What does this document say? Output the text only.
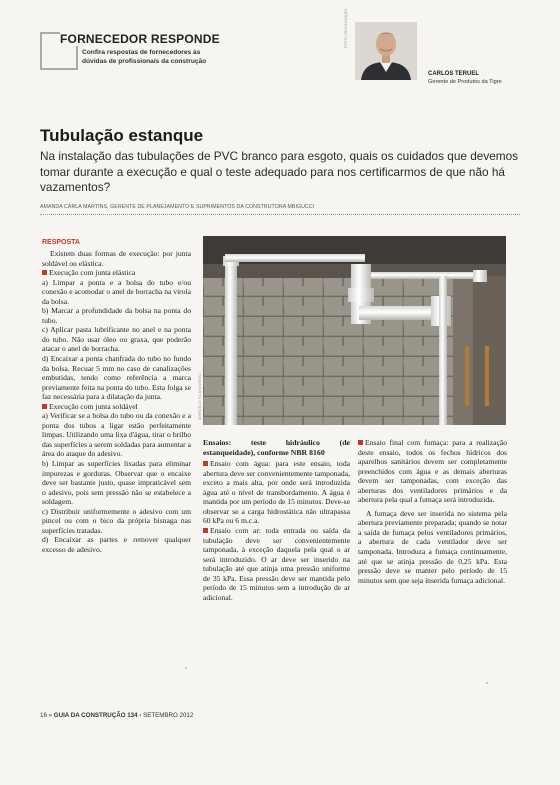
FORNECEDOR RESPONDE
Confira respostas de fornecedores às dúvidas de profissionais da construção
FOTO: DIVULGAÇÃO
CARLOS TERUEL
Gerente de Produtos da Tigre
Tubulação estanque
Na instalação das tubulações de PVC branco para esgoto, quais os cuidados que devemos tomar durante a execução e qual o teste adequado para nos certificarmos de que não há vazamentos?
AMANDA CARLA MARTINS, GERENTE DE PLANEJAMENTO E SUPRIMENTOS DA CONSTRUTORA MBIGUCCI
RESPOSTA

Existem duas formas de execução: por junta soldável ou elástica.

Execução com junta elástica

a) Limpar a ponta e a bolsa do tubo e/ou conexão e acomodar o anel de borracha na virola da bolsa.

b) Marcar a profundidade da bolsa na ponta do tubo.

c) Aplicar pasta lubrificante no anel e na ponta do tubo. Não usar óleo ou graxa, que poderão atacar o anel de borracha.

d) Encaixar a ponta chanfrada do tubo no fundo da bolsa. Recuar 5 mm no caso de canalizações embutidas, tendo como referência a marca previamente feita na ponta do tubo. Esta folga se faz necessária para a dilatação da junta.

Execução com junta soldável

a) Verificar se a bolsa do tubo ou da conexão e a ponta dos tubos a ligar estão perfeitamente limpas. Utilizando uma lixa d'água, tirar o brilho das superfícies a serem soldadas para aumentar a área do ataque do adesivo.

b) Limpar as superfícies lixadas para eliminar impurezas e gorduras. Observar que o encaixe deve ser bastante justo, quase impraticável sem o adesivo, pois sem pressão não se estabelece a soldagem.

c) Distribuir uniformemente o adesivo com um pincel ou com o bico da própria bisnaga nas superfícies tratadas.

d) Encaixar as partes e remover qualquer excesso de adesivo.

MARCELO SCANDAROLI
Ensaios: teste hidráulico (de estanqueidade), conforme NBR 8160

Ensaio com água: para este ensaio, toda abertura deve ser convenientemente tamponada, exceto a mais alta, por onde será introduzida água até o nível de transbordamento. A água é mantida por um período de 15 minutos. Deve-se observar se a carga hidrostática não ultrapassa 60 kPa ou 6 m.c.a.

Ensaio com ar: toda entrada ou saída da tubulação deve ser convenientemente tamponada, à exceção daquela pela qual o ar será introduzido. O ar deve ser inserido na tubulação até que atinja uma pressão uniforme de 35 kPa. Essa pressão deve ser mantida pelo período de 15 minutos sem a introdução de ar adicional.

Ensaio final com fumaça: para a realização deste ensaio, todos os fechos hídricos dos aparelhos sanitários devem ser completamente preenchidos com água e as demais aberturas devem ser tamponadas, com exceção das aberturas dos ventiladores primários e da abertura pela qual a fumaça será introduzida.

A fumaça deve ser inserida no sistema pela abertura previamente preparada; quando se notar a saída de fumaça pelos ventiladores primários, a abertura de cada ventilador deve ser tamponada. Introduza a fumaça continuamente, até que se atinja pressão de 0,25 kPa. Esta pressão deve se manter pelo período de 15 minutos sem que seja inserida fumaça adicional.

16 » GUIA DA CONSTRUÇÃO 134 › SETEMBRO 2012
